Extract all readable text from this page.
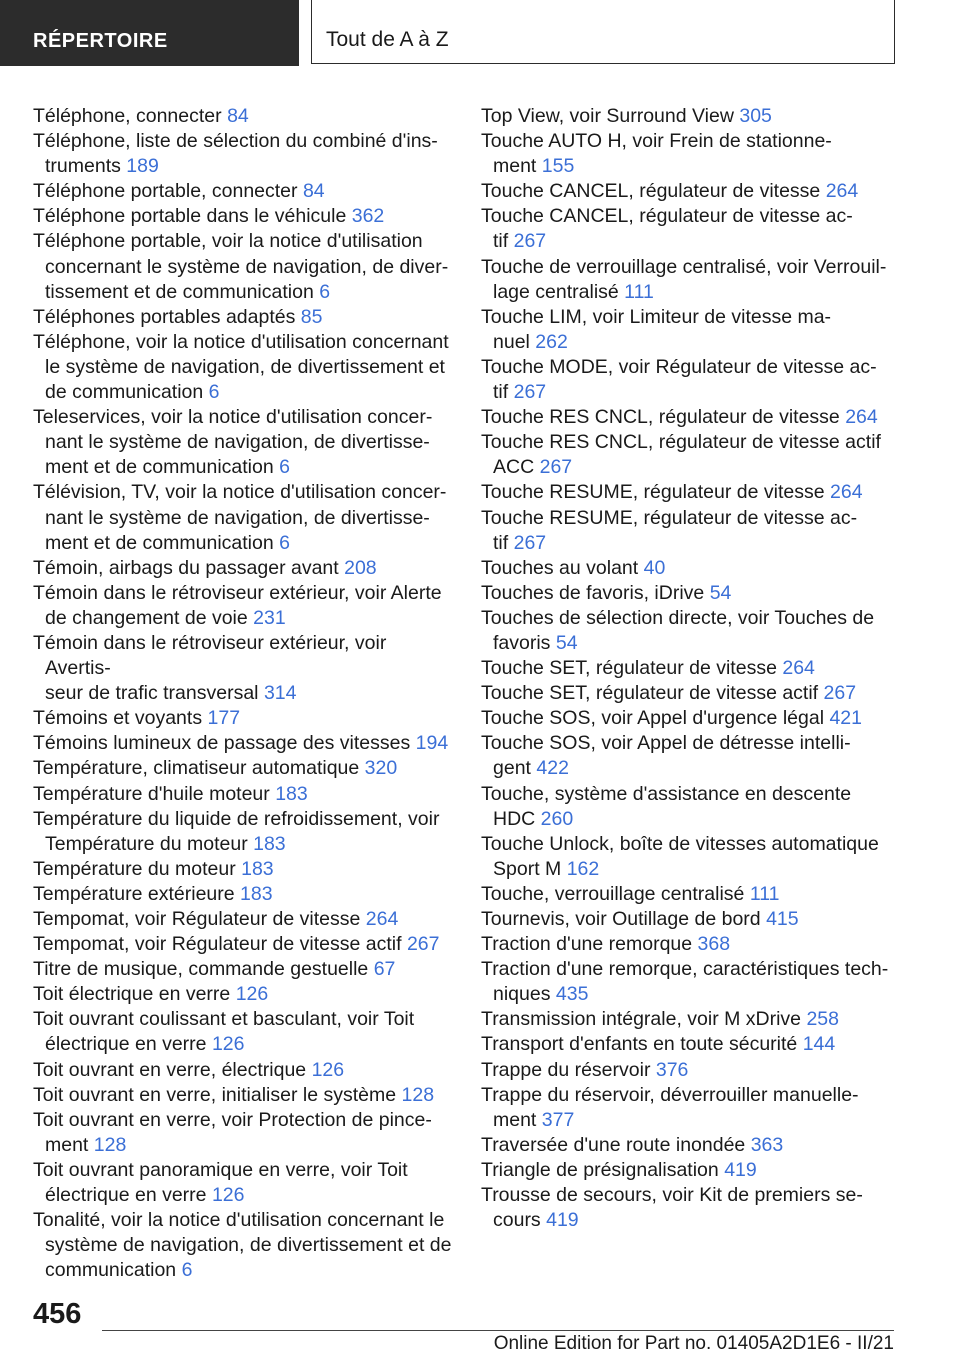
RÉPERTOIRE	Tout de A à Z
Téléphone, connecter 84
Téléphone, liste de sélection du combiné d'ins-
truments 189
Téléphone portable, connecter 84
Téléphone portable dans le véhicule 362
Téléphone portable, voir la notice d'utilisation
concernant le système de navigation, de diver-
tissement et de communication 6
Téléphones portables adaptés 85
Téléphone, voir la notice d'utilisation concernant
le système de navigation, de divertissement et
de communication 6
Teleservices, voir la notice d'utilisation concer-
nant le système de navigation, de divertisse-
ment et de communication 6
Télévision, TV, voir la notice d'utilisation concer-
nant le système de navigation, de divertisse-
ment et de communication 6
Témoin, airbags du passager avant 208
Témoin dans le rétroviseur extérieur, voir Alerte
de changement de voie 231
Témoin dans le rétroviseur extérieur, voir Avertis-
seur de trafic transversal 314
Témoins et voyants 177
Témoins lumineux de passage des vitesses 194
Température, climatiseur automatique 320
Température d'huile moteur 183
Température du liquide de refroidissement, voir
Température du moteur 183
Température du moteur 183
Température extérieure 183
Tempomat, voir Régulateur de vitesse 264
Tempomat, voir Régulateur de vitesse actif 267
Titre de musique, commande gestuelle 67
Toit électrique en verre 126
Toit ouvrant coulissant et basculant, voir Toit
électrique en verre 126
Toit ouvrant en verre, électrique 126
Toit ouvrant en verre, initialiser le système 128
Toit ouvrant en verre, voir Protection de pince-
ment 128
Toit ouvrant panoramique en verre, voir Toit
électrique en verre 126
Tonalité, voir la notice d'utilisation concernant le
système de navigation, de divertissement et de
communication 6
Top View, voir Surround View 305
Touche AUTO H, voir Frein de stationne-
ment 155
Touche CANCEL, régulateur de vitesse 264
Touche CANCEL, régulateur de vitesse ac-
tif 267
Touche de verrouillage centralisé, voir Verrouil-
lage centralisé 111
Touche LIM, voir Limiteur de vitesse ma-
nuel 262
Touche MODE, voir Régulateur de vitesse ac-
tif 267
Touche RES CNCL, régulateur de vitesse 264
Touche RES CNCL, régulateur de vitesse actif
ACC 267
Touche RESUME, régulateur de vitesse 264
Touche RESUME, régulateur de vitesse ac-
tif 267
Touches au volant 40
Touches de favoris, iDrive 54
Touches de sélection directe, voir Touches de
favoris 54
Touche SET, régulateur de vitesse 264
Touche SET, régulateur de vitesse actif 267
Touche SOS, voir Appel d'urgence légal 421
Touche SOS, voir Appel de détresse intelli-
gent 422
Touche, système d'assistance en descente
HDC 260
Touche Unlock, boîte de vitesses automatique
Sport M 162
Touche, verrouillage centralisé 111
Tournevis, voir Outillage de bord 415
Traction d'une remorque 368
Traction d'une remorque, caractéristiques tech-
niques 435
Transmission intégrale, voir M xDrive 258
Transport d'enfants en toute sécurité 144
Trappe du réservoir 376
Trappe du réservoir, déverrouiller manuelle-
ment 377
Traversée d'une route inondée 363
Triangle de présignalisation 419
Trousse de secours, voir Kit de premiers se-
cours 419
456
Online Edition for Part no. 01405A2D1E6 - II/21
